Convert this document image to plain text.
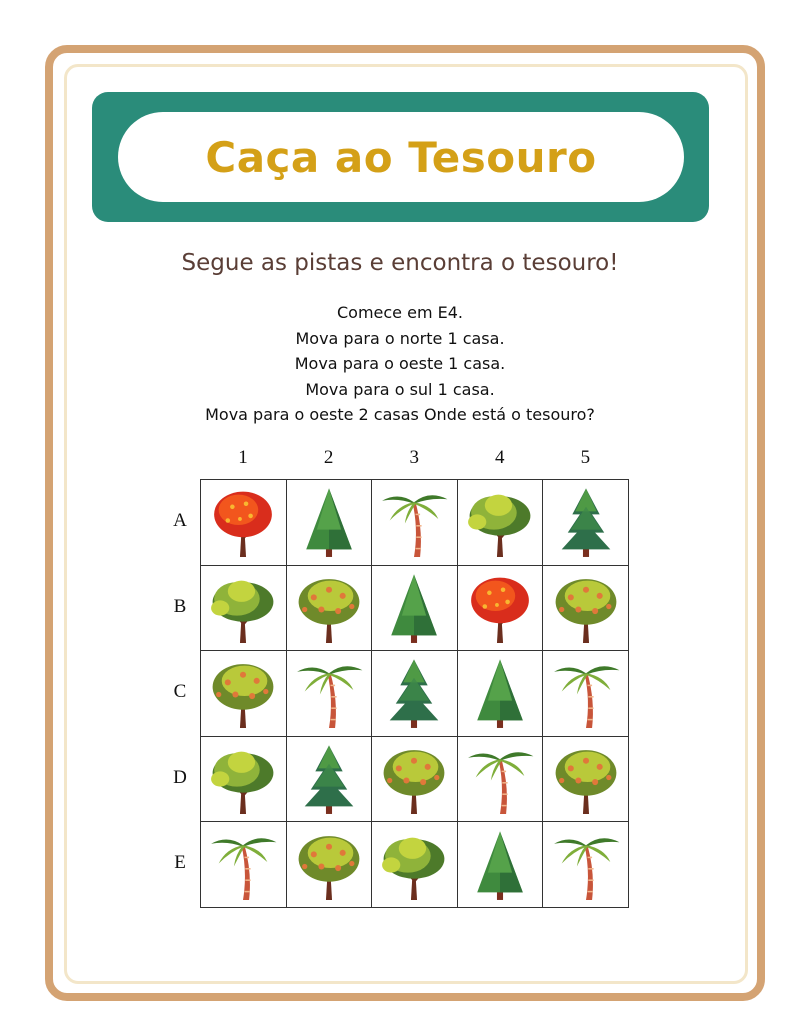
Caça ao Tesouro
Segue as pistas e encontra o tesouro!
Comece em E4.
Mova para o norte 1 casa.
Mova para o oeste 1 casa.
Mova para o sul 1 casa.
Mova para o oeste 2 casas Onde está o tesouro?
1	2	3	4	5
A
B
C
D
E
